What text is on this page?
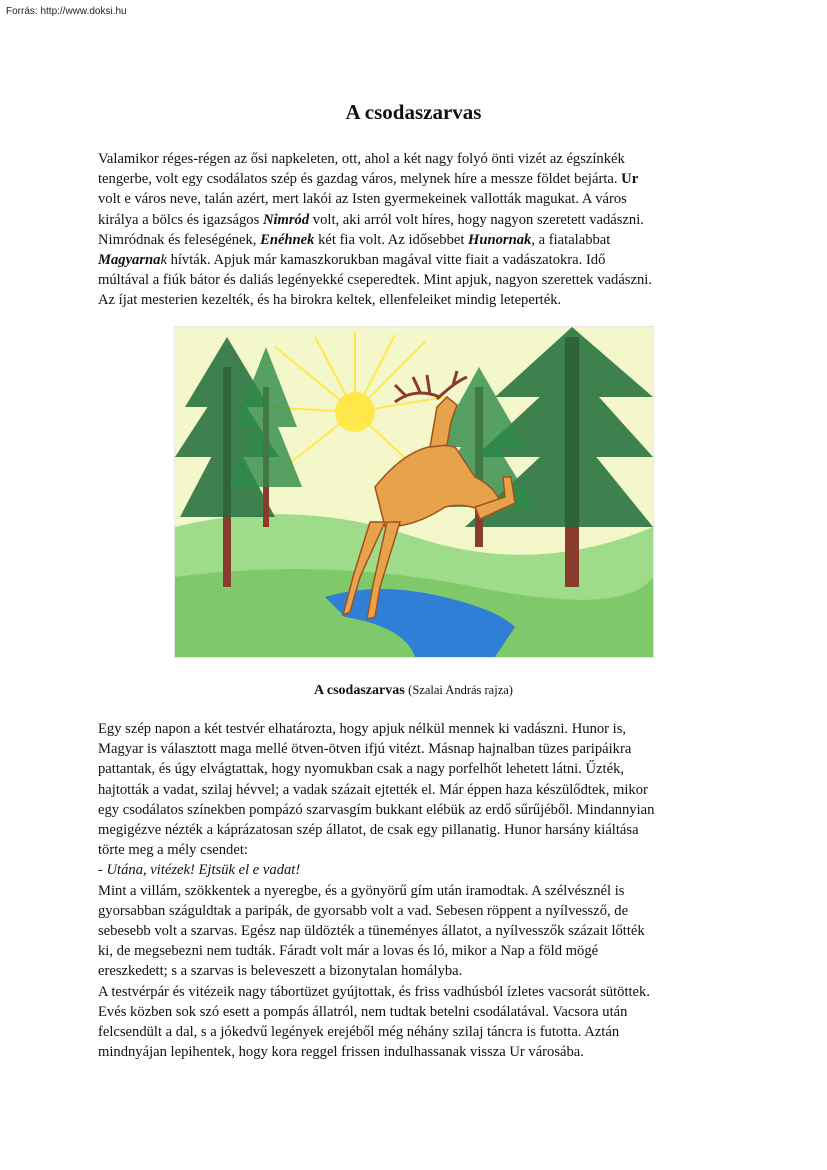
Forrás: http://www.doksi.hu
A csodaszarvas
Valamikor réges-régen az ősi napkeleten, ott, ahol a két nagy folyó önti vizét az égszínkék
tengerbe, volt egy csodálatos szép és gazdag város, melynek híre a messze földet bejárta. Ur
volt e város neve, talán azért, mert lakói az Isten gyermekeinek vallották magukat. A város
királya a bölcs és igazságos Nimród volt, aki arról volt híres, hogy nagyon szeretett vadászni.
Nimródnak és feleségének, Enéhnek két fia volt. Az idősebbet Hunornak, a fiatalabbat
Magyarnak hívták. Apjuk már kamaszkorukban magával vitte fiait a vadászatokra. Idő
múltával a fiúk bátor és daliás legényekké cseperedtek. Mint apjuk, nagyon szerettek vadászni.
Az íjat mesterien kezelték, és ha birokra keltek, ellenfeleiket mindig leteperték.
A csodaszarvas (Szalai András rajza)
Egy szép napon a két testvér elhatározta, hogy apjuk nélkül mennek ki vadászni. Hunor is,
Magyar is választott maga mellé ötven-ötven ifjú vitézt. Másnap hajnalban tüzes paripáikra
pattantak, és úgy elvágtattak, hogy nyomukban csak a nagy porfelhőt lehetett látni. Űzték,
hajtották a vadat, szilaj hévvel; a vadak százait ejtették el. Már éppen haza készülődtek, mikor
egy csodálatos színekben pompázó szarvasgím bukkant elébük az erdő sűrűjéből. Mindannyian
megigézve nézték a káprázatosan szép állatot, de csak egy pillanatig. Hunor harsány kiáltása
törte meg a mély csendet:
- Utána, vitézek! Ejtsük el e vadat!
Mint a villám, szökkentek a nyeregbe, és a gyönyörű gím után iramodtak. A szélvésznél is
gyorsabban száguldtak a paripák, de gyorsabb volt a vad. Sebesen röppent a nyílvessző, de
sebesebb volt a szarvas. Egész nap üldözték a tüneményes állatot, a nyílvesszők százait lőtték
ki, de megsebezni nem tudták. Fáradt volt már a lovas és ló, mikor a Nap a föld mögé
ereszkedett; s a szarvas is beleveszett a bizonytalan homályba.
A testvérpár és vitézeik nagy tábortüzet gyújtottak, és friss vadhúsból ízletes vacsorát sütöttek.
Evés közben sok szó esett a pompás állatról, nem tudtak betelni csodálatával. Vacsora után
felcsendült a dal, s a jókedvű legények erejéből még néhány szilaj táncra is futotta. Aztán
mindnyájan lepihentek, hogy kora reggel frissen indulhassanak vissza Ur városába.
